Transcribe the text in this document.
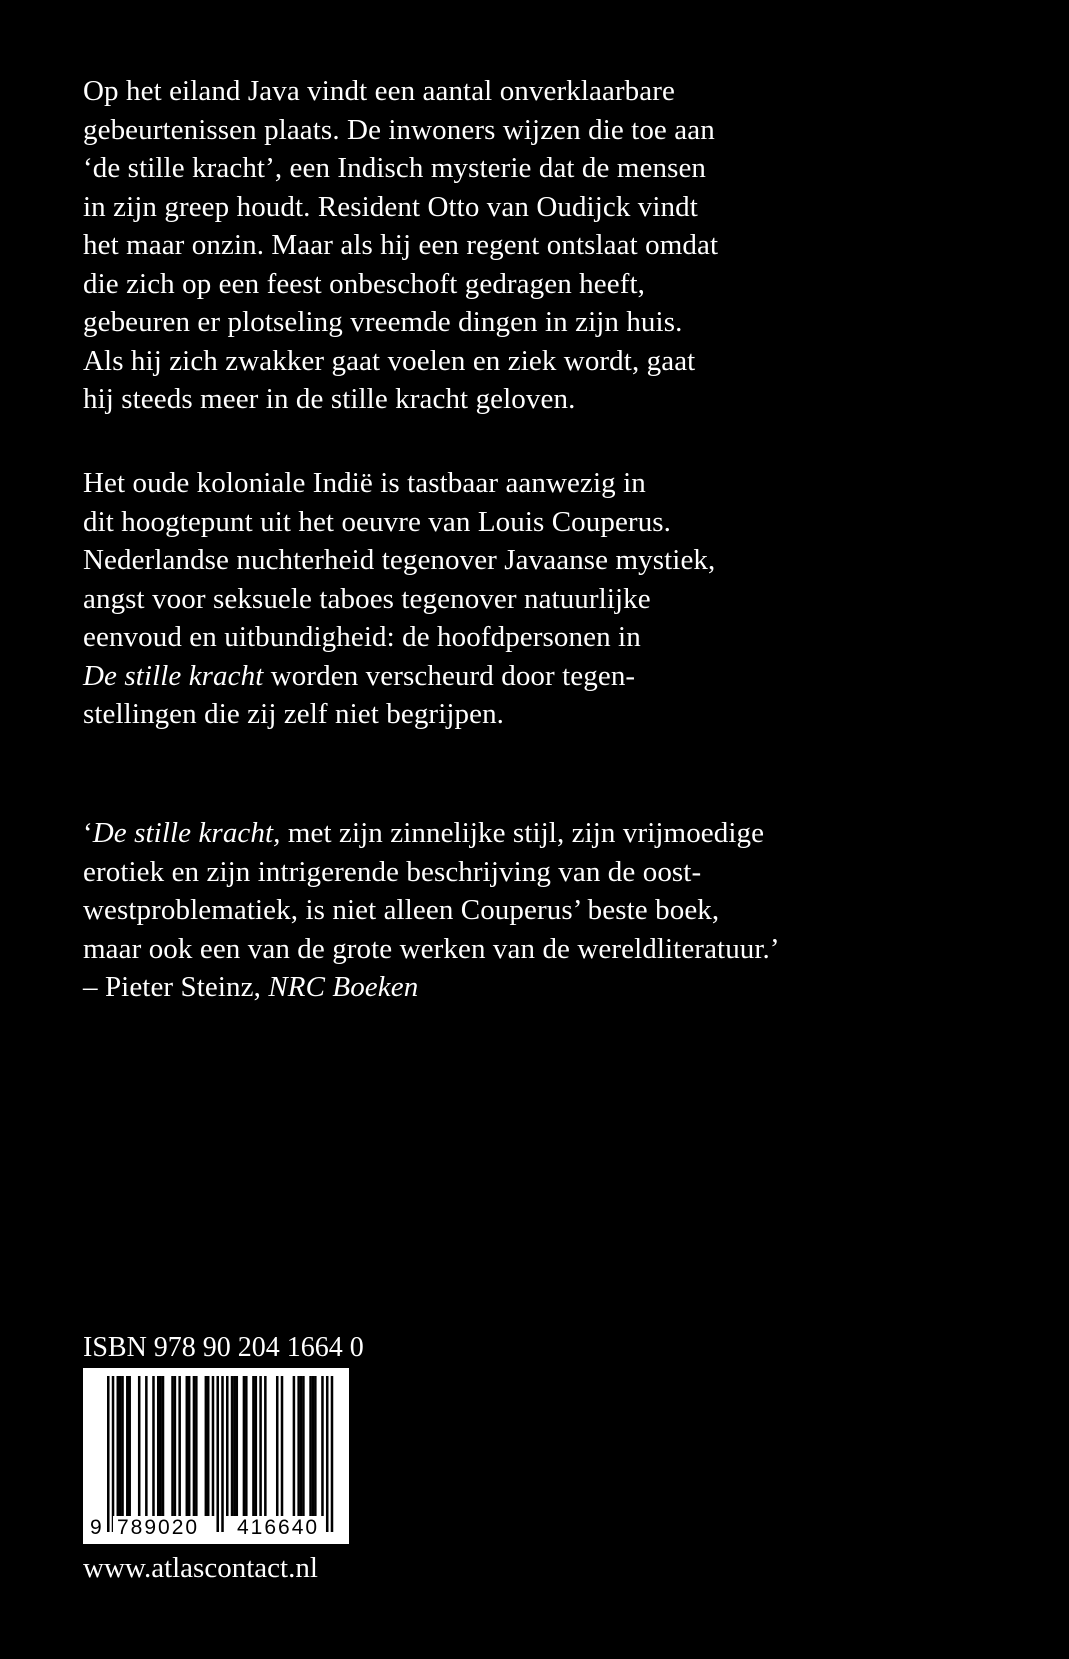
Op het eiland Java vindt een aantal onverklaarbare
gebeurtenissen plaats. De inwoners wijzen die toe aan
‘de stille kracht’, een Indisch mysterie dat de mensen
in zijn greep houdt. Resident Otto van Oudijck vindt
het maar onzin. Maar als hij een regent ontslaat omdat
die zich op een feest onbeschoft gedragen heeft,
gebeuren er plotseling vreemde dingen in zijn huis.
Als hij zich zwakker gaat voelen en ziek wordt, gaat
hij steeds meer in de stille kracht geloven.
Het oude koloniale Indië is tastbaar aanwezig in
dit hoogtepunt uit het oeuvre van Louis Couperus.
Nederlandse nuchterheid tegenover Javaanse mystiek,
angst voor seksuele taboes tegenover natuurlijke
eenvoud en uitbundigheid: de hoofdpersonen in
De stille kracht worden verscheurd door tegen-
stellingen die zij zelf niet begrijpen.
‘De stille kracht, met zijn zinnelijke stijl, zijn vrijmoedige
erotiek en zijn intrigerende beschrijving van de oost-
westproblematiek, is niet alleen Couperus’ beste boek,
maar ook een van de grote werken van de wereldliteratuur.’
– Pieter Steinz, NRC Boeken
ISBN 978 90 204 1664 0
9 789020 416640
www.atlascontact.nl
